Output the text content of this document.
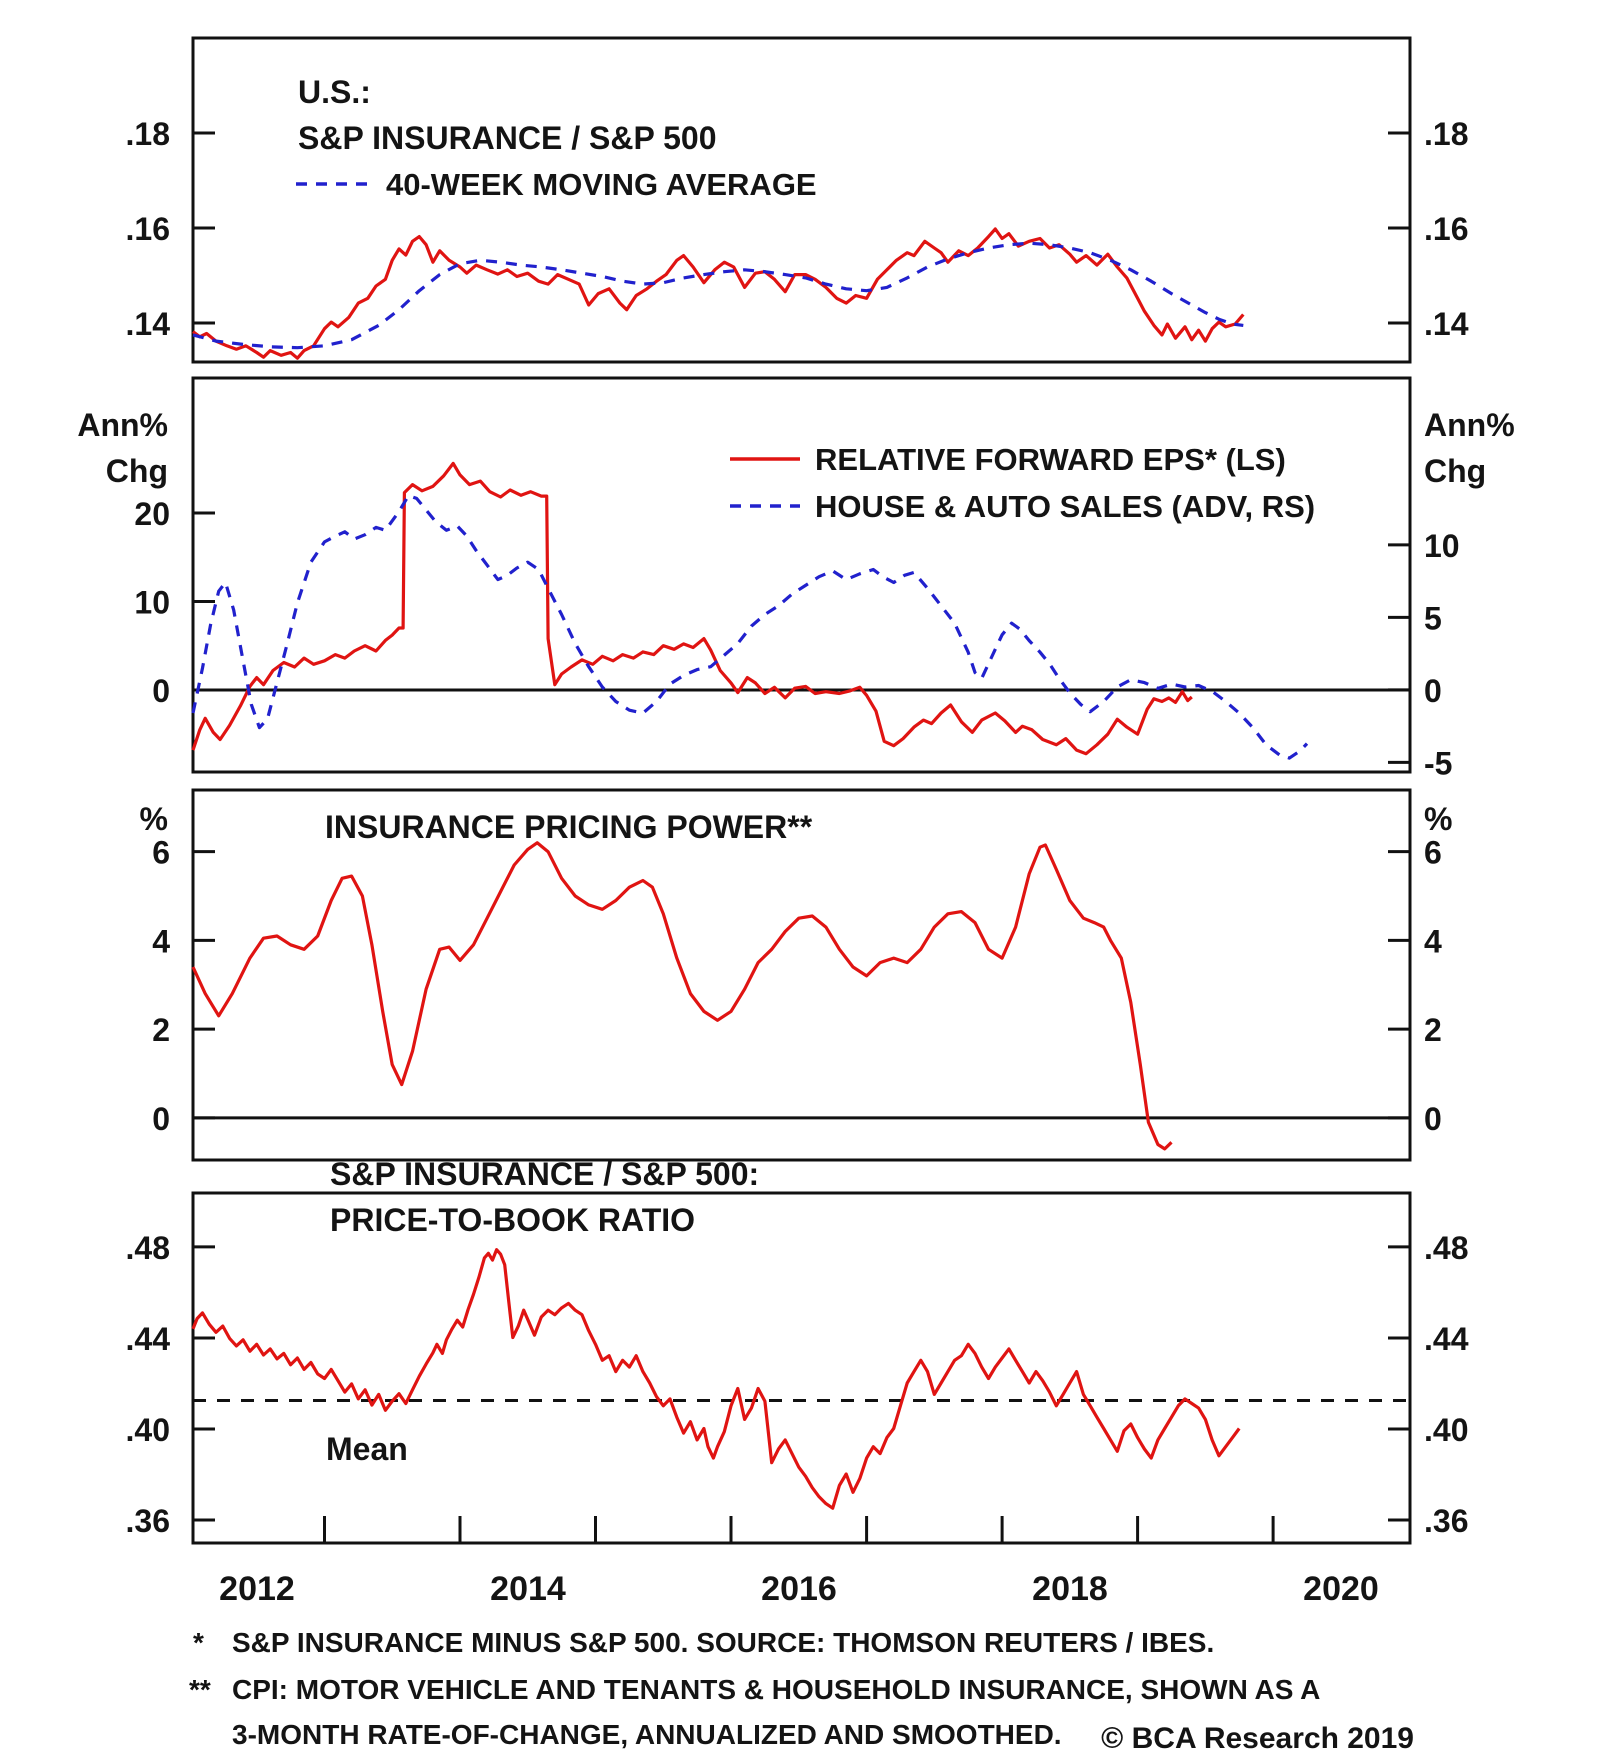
.18
.16
.14
.18
.16
.14
20
10
0
10
5
0
-5
6
4
2
0
6
4
2
0
.48
.44
.40
.36
.48
.44
.40
.36
U.S.:
S&P INSURANCE / S&P 500
40-WEEK MOVING AVERAGE
Ann%
Chg
Ann%
Chg
RELATIVE FORWARD EPS* (LS)
HOUSE & AUTO SALES (ADV, RS)
%	%
INSURANCE PRICING POWER**
S&P INSURANCE / S&P 500:
PRICE-TO-BOOK RATIO
Mean
2012	2014	2016	2018	2020
* S&P INSURANCE MINUS S&P 500. SOURCE: THOMSON REUTERS / IBES.
** CPI: MOTOR VEHICLE AND TENANTS & HOUSEHOLD INSURANCE, SHOWN AS A
3-MONTH RATE-OF-CHANGE, ANNUALIZED AND SMOOTHED. © BCA Research 2019
